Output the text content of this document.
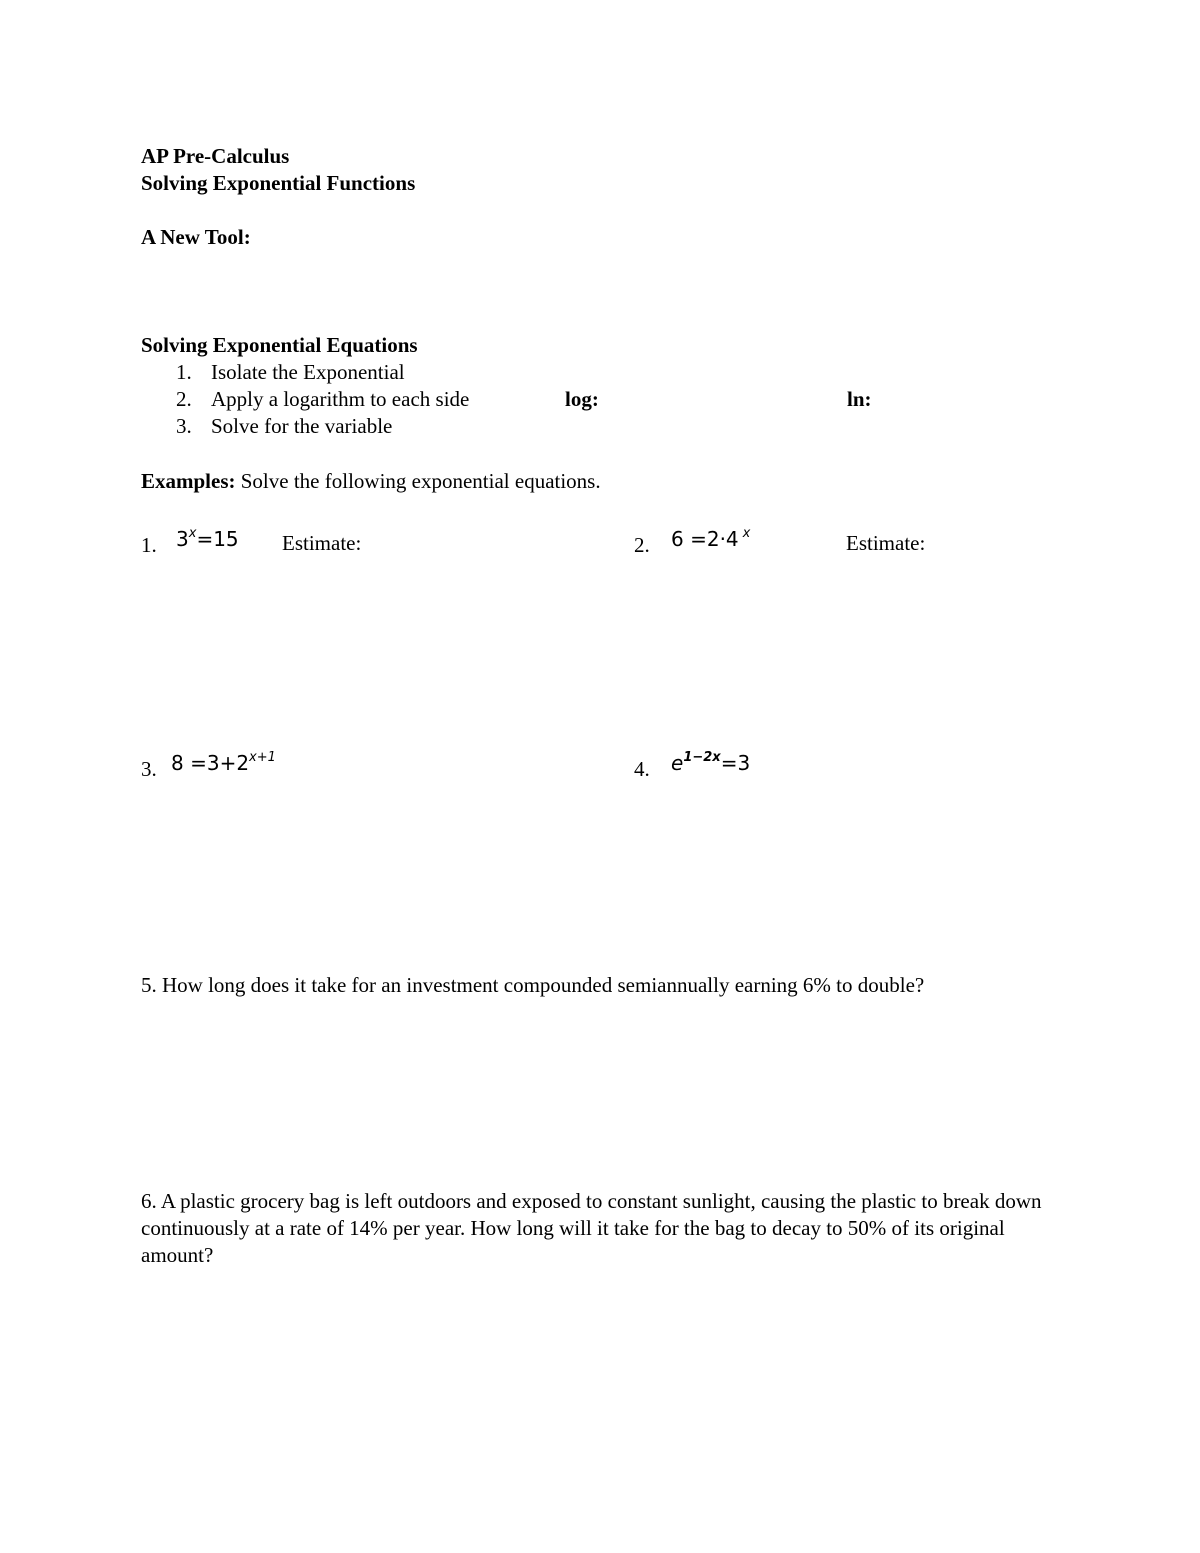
AP Pre-Calculus
Solving Exponential Functions
A New Tool:
Solving Exponential Equations
1. Isolate the Exponential
2. Apply a logarithm to each side	log:	ln:
3. Solve for the variable
Examples: Solve the following exponential equations.
1. $3^x=15$ Estimate:	2. 6 =2·4 $^x$	Estimate:
3. $8 =3+2^{x+1}$	4. $e^{1-2x}=3$
5. How long does it take for an investment compounded semiannually earning 6% to double?
6. A plastic grocery bag is left outdoors and exposed to constant sunlight, causing the plastic to break down continuously at a rate of 14% per year. How long will it take for the bag to decay to 50% of its original amount?
